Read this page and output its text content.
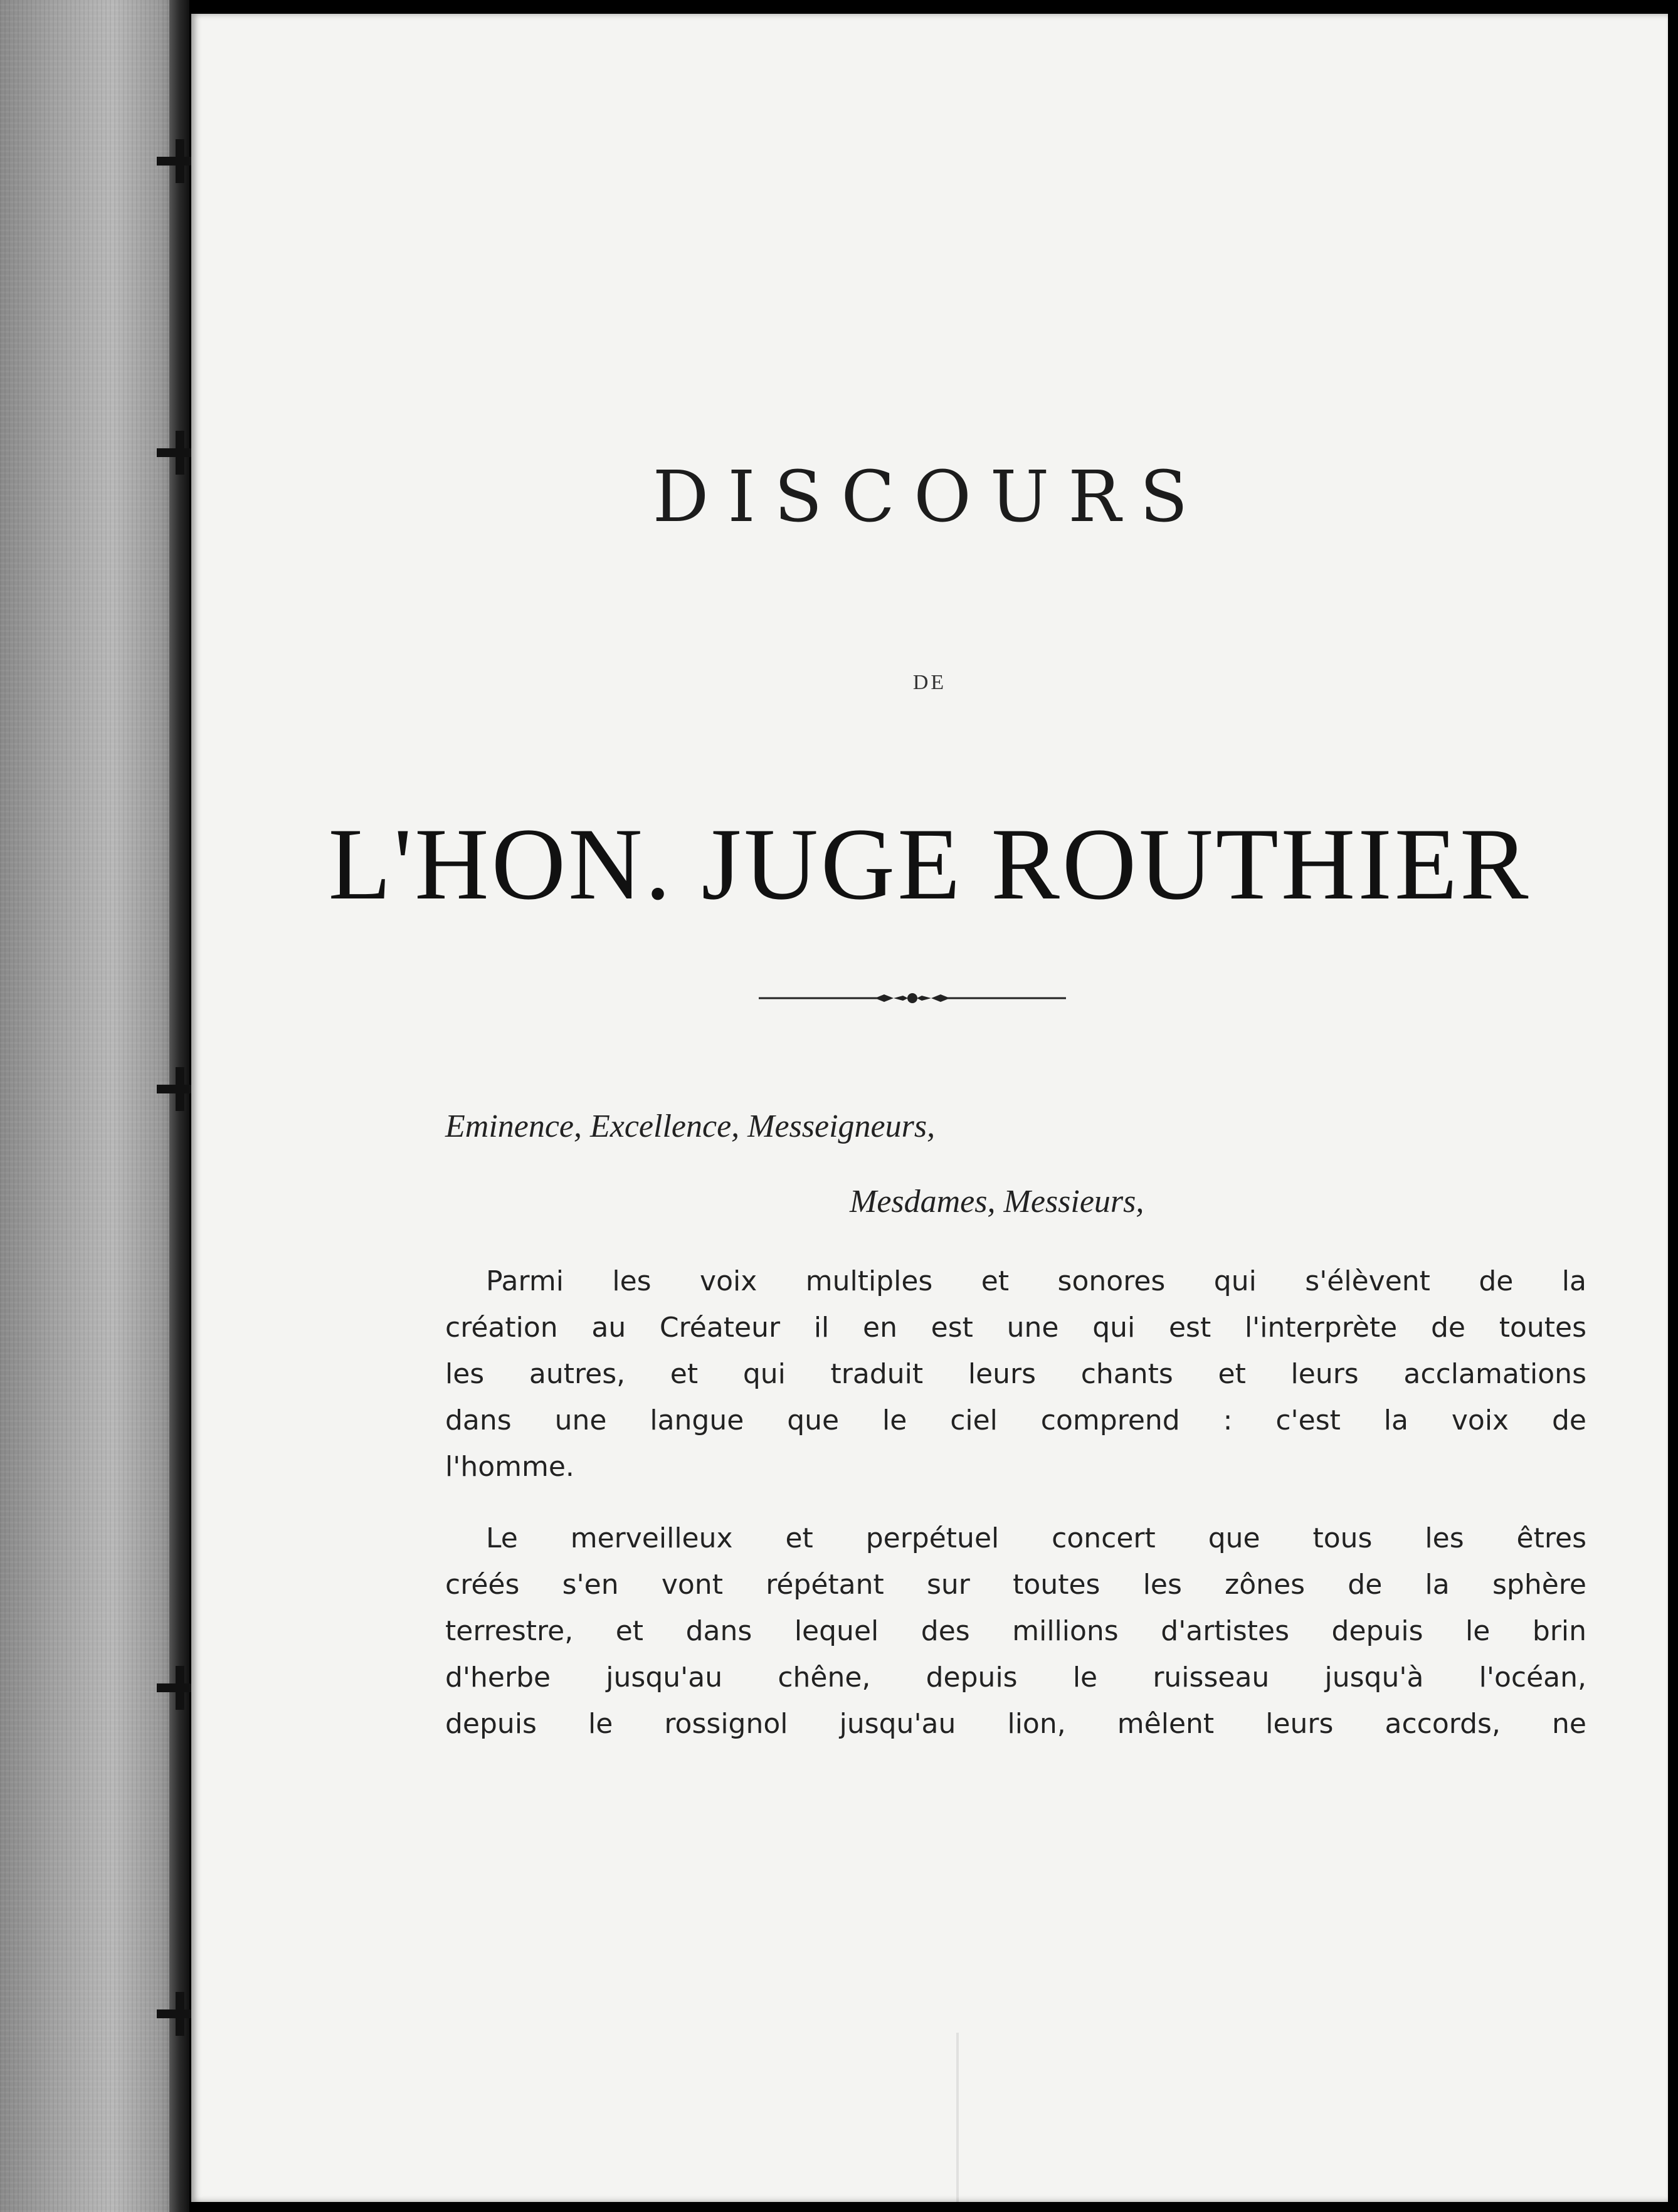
DISCOURS
DE
L'HON. JUGE ROUTHIER
Eminence, Excellence, Messeigneurs,
Mesdames, Messieurs,
Parmi les voix multiples et sonores qui s'élèvent de la
création au Créateur il en est une qui est l'interprète de toutes
les autres, et qui traduit leurs chants et leurs acclamations
dans une langue que le ciel comprend : c'est la voix de
l'homme.
Le merveilleux et perpétuel concert que tous les êtres
créés s'en vont répétant sur toutes les zônes de la sphère
terrestre, et dans lequel des millions d'artistes depuis le brin
d'herbe jusqu'au chêne, depuis le ruisseau jusqu'à l'océan,
depuis le rossignol jusqu'au lion, mêlent leurs accords, ne
